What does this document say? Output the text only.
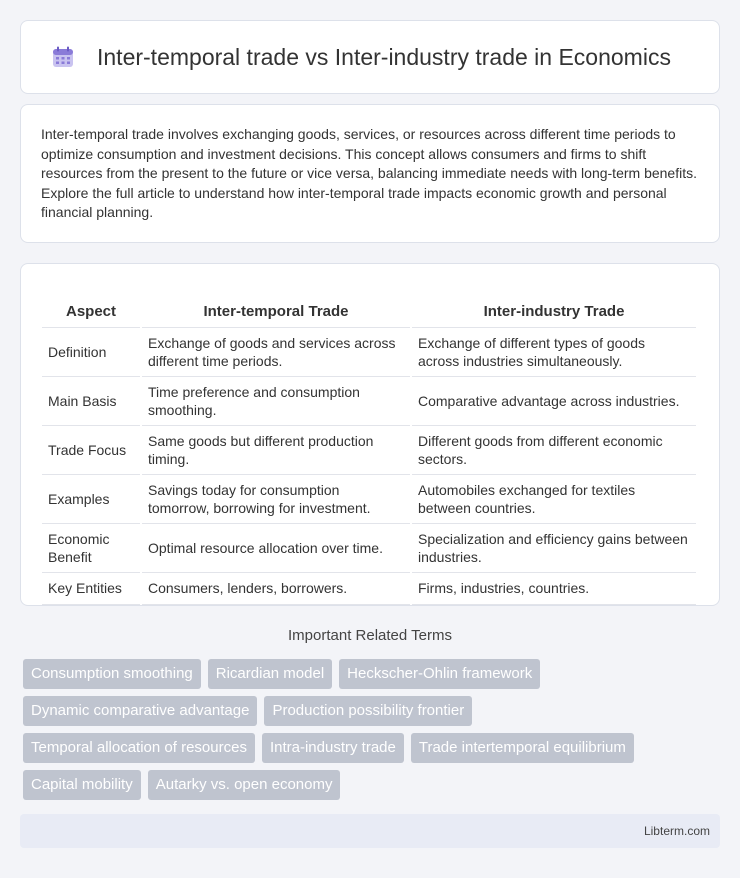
Inter-temporal trade vs Inter-industry trade in Economics

Inter-temporal trade involves exchanging goods, services, or resources across different time periods to optimize consumption and investment decisions. This concept allows consumers and firms to shift resources from the present to the future or vice versa, balancing immediate needs with long-term benefits. Explore the full article to understand how inter-temporal trade impacts economic growth and personal financial planning.

Aspect	Inter-temporal Trade	Inter-industry Trade
Definition	Exchange of goods and services across different time periods.	Exchange of different types of goods across industries simultaneously.
Main Basis	Time preference and consumption smoothing.	Comparative advantage across industries.
Trade Focus	Same goods but different production timing.	Different goods from different economic sectors.
Examples	Savings today for consumption tomorrow, borrowing for investment.	Automobiles exchanged for textiles between countries.
Economic Benefit	Optimal resource allocation over time.	Specialization and efficiency gains between industries.
Key Entities	Consumers, lenders, borrowers.	Firms, industries, countries.
Important Related Terms
Consumption smoothing	Ricardian model	Heckscher-Ohlin framework
Dynamic comparative advantage	Production possibility frontier
Temporal allocation of resources	Intra-industry trade	Trade intertemporal equilibrium
Capital mobility	Autarky vs. open economy
Libterm.com
